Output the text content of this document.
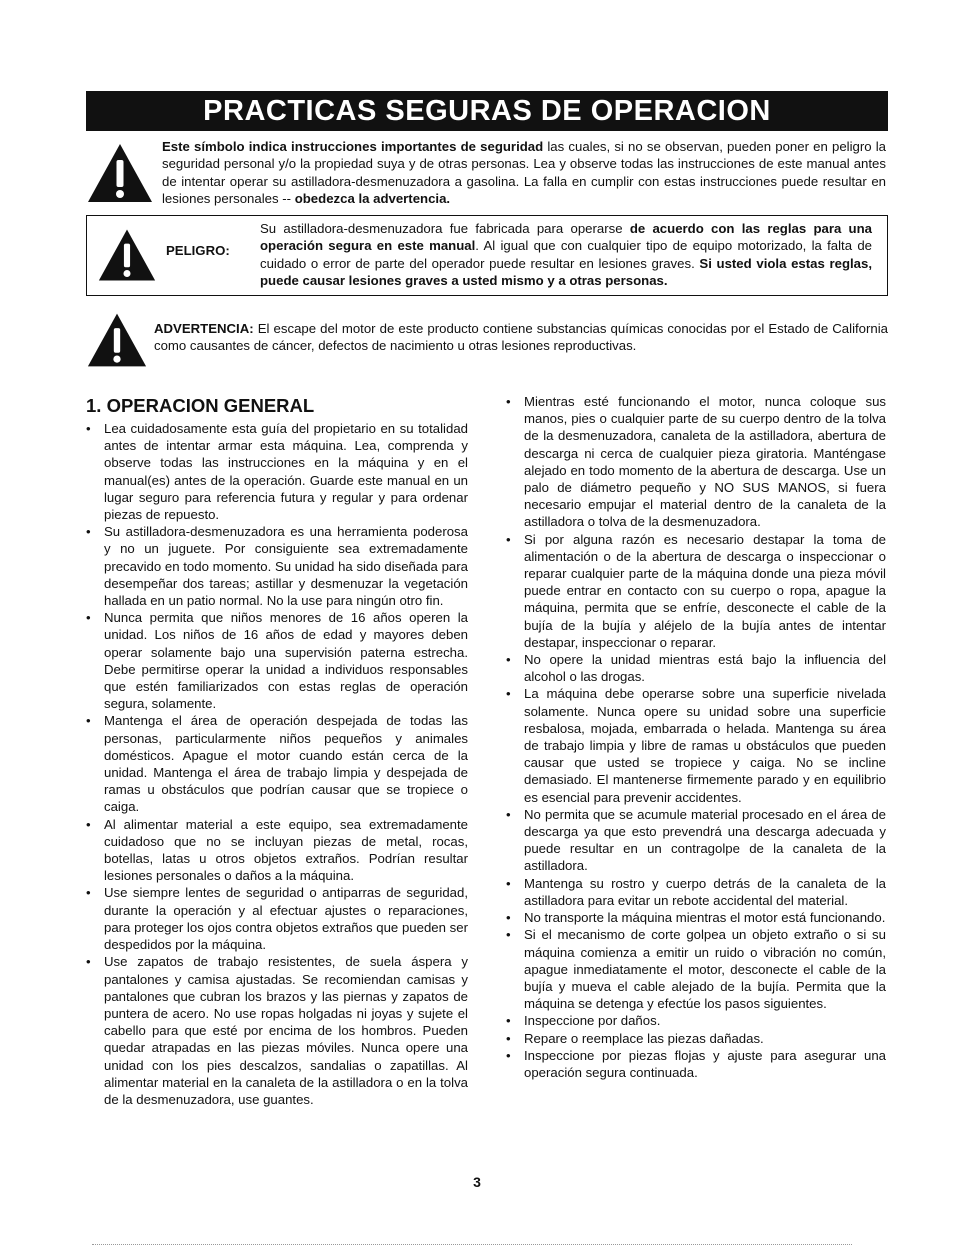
PRACTICAS SEGURAS DE OPERACION
Este símbolo indica instrucciones importantes de seguridad las cuales, si no se observan, pueden poner en peligro la seguridad personal y/o la propiedad suya y de otras personas. Lea y observe todas las instrucciones de este manual antes de intentar operar su astilladora-desmenuzadora a gasolina. La falla en cumplir con estas instrucciones puede resultar en lesiones personales -- obedezca la advertencia.
PELIGRO:
Su astilladora-desmenuzadora fue fabricada para operarse de acuerdo con las reglas para una operación segura en este manual. Al igual que con cualquier tipo de equipo motorizado, la falta de cuidado o error de parte del operador puede resultar en lesiones graves. Si usted viola estas reglas, puede causar lesiones graves a usted mismo y a otras personas.
ADVERTENCIA: El escape del motor de este producto contiene substancias químicas conocidas por el Estado de California como causantes de cáncer, defectos de nacimiento u otras lesiones reproductivas.
1. OPERACION GENERAL
• Lea cuidadosamente esta guía del propietario en su totalidad antes de intentar armar esta máquina. Lea, comprenda y observe todas las instrucciones en la máquina y en el manual(es) antes de la operación. Guarde este manual en un lugar seguro para referencia futura y regular y para ordenar piezas de repuesto.
• Su astilladora-desmenuzadora es una herramienta poderosa y no un juguete. Por consiguiente sea extremadamente precavido en todo momento. Su unidad ha sido diseñada para desempeñar dos tareas; astillar y desmenuzar la vegetación hallada en un patio normal. No la use para ningún otro fin.
• Nunca permita que niños menores de 16 años operen la unidad. Los niños de 16 años de edad y mayores deben operar solamente bajo una supervisión paterna estrecha. Debe permitirse operar la unidad a individuos responsables que estén familiarizados con estas reglas de operación segura, solamente.
• Mantenga el área de operación despejada de todas las personas, particularmente niños pequeños y animales domésticos. Apague el motor cuando están cerca de la unidad. Mantenga el área de trabajo limpia y despejada de ramas u obstáculos que podrían causar que se tropiece o caiga.
• Al alimentar material a este equipo, sea extremadamente cuidadoso que no se incluyan piezas de metal, rocas, botellas, latas u otros objetos extraños. Podrían resultar lesiones personales o daños a la máquina.
• Use siempre lentes de seguridad o antiparras de seguridad, durante la operación y al efectuar ajustes o reparaciones, para proteger los ojos contra objetos extraños que pueden ser despedidos por la máquina.
• Use zapatos de trabajo resistentes, de suela áspera y pantalones y camisa ajustadas. Se recomiendan camisas y pantalones que cubran los brazos y las piernas y zapatos de puntera de acero. No use ropas holgadas ni joyas y sujete el cabello para que esté por encima de los hombros. Pueden quedar atrapadas en las piezas móviles. Nunca opere una unidad con los pies descalzos, sandalias o zapatillas. Al alimentar material en la canaleta de la astilladora o en la tolva de la desmenuzadora, use guantes.
• Mientras esté funcionando el motor, nunca coloque sus manos, pies o cualquier parte de su cuerpo dentro de la tolva de la desmenuzadora, canaleta de la astilladora, abertura de descarga ni cerca de cualquier pieza giratoria. Manténgase alejado en todo momento de la abertura de descarga. Use un palo de diámetro pequeño y NO SUS MANOS, si fuera necesario empujar el material dentro de la canaleta de la astilladora o tolva de la desmenuzadora.
• Si por alguna razón es necesario destapar la toma de alimentación o de la abertura de descarga o inspeccionar o reparar cualquier parte de la máquina donde una pieza móvil puede entrar en contacto con su cuerpo o ropa, apague la máquina, permita que se enfríe, desconecte el cable de la bujía de la bujía y aléjelo de la bujía antes de intentar destapar, inspeccionar o reparar.
• No opere la unidad mientras está bajo la influencia del alcohol o las drogas.
• La máquina debe operarse sobre una superficie nivelada solamente. Nunca opere su unidad sobre una superficie resbalosa, mojada, embarrada o helada. Mantenga su área de trabajo limpia y libre de ramas u obstáculos que pueden causar que usted se tropiece y caiga. No se incline demasiado. El mantenerse firmemente parado y en equilibrio es esencial para prevenir accidentes.
• No permita que se acumule material procesado en el área de descarga ya que esto prevendrá una descarga adecuada y puede resultar en un contragolpe de la canaleta de la astilladora.
• Mantenga su rostro y cuerpo detrás de la canaleta de la astilladora para evitar un rebote accidental del material.
• No transporte la máquina mientras el motor está funcionando.
• Si el mecanismo de corte golpea un objeto extraño o si su máquina comienza a emitir un ruido o vibración no común, apague inmediatamente el motor, desconecte el cable de la bujía y mueva el cable alejado de la bujía. Permita que la máquina se detenga y efectúe los pasos siguientes.
• Inspeccione por daños.
• Repare o reemplace las piezas dañadas.
• Inspeccione por piezas flojas y ajuste para asegurar una operación segura continuada.
3
